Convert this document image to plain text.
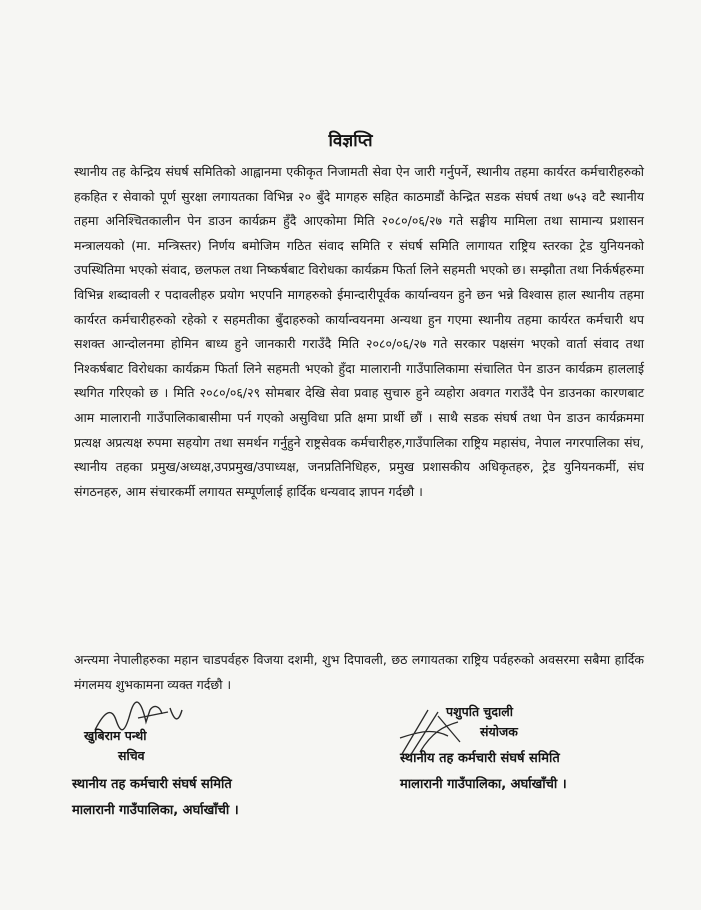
विज्ञप्ति
स्थानीय तह केन्द्रिय संघर्ष समितिको आह्वानमा एकीकृत निजामती सेवा ऐन जारी गर्नुपर्ने, स्थानीय तहमा कार्यरत कर्मचारीहरुको हकहित र सेवाको पूर्ण सुरक्षा लगायतका विभिन्न २० बुँदे मागहरु सहित काठमाडौं केन्द्रित सडक संघर्ष तथा ७५३ वटै स्थानीय तहमा अनिश्चितकालीन पेन डाउन कार्यक्रम हुँदै आएकोमा मिति २०८०/०६/२७ गते सङ्घीय मामिला तथा सामान्य प्रशासन मन्त्रालयको (मा. मन्त्रिस्तर) निर्णय बमोजिम गठित संवाद समिति र संघर्ष समिति लागायत राष्ट्रिय स्तरका ट्रेड युनियनको उपस्थितिमा भएको संवाद, छलफल तथा निष्कर्षबाट विरोधका कार्यक्रम फिर्ता लिने सहमती भएको छ। सम्झौता तथा निर्कर्षहरुमा विभिन्न शब्दावली र पदावलीहरु प्रयोग भएपनि मागहरुको ईमान्दारीपूर्वक कार्यान्वयन हुने छन भन्ने विश्वास हाल स्थानीय तहमा कार्यरत कर्मचारीहरुको रहेको र सहमतीका बुँदाहरुको कार्यान्वयनमा अन्यथा हुन गएमा स्थानीय तहमा कार्यरत कर्मचारी थप सशक्त आन्दोलनमा होमिन बाध्य हुने जानकारी गराउँदै मिति २०८०/०६/२७ गते सरकार पक्षसंग भएको वार्ता संवाद तथा निश्कर्षबाट विरोधका कार्यक्रम फिर्ता लिने सहमती भएको हुँदा मालारानी गाउँपालिकामा संचालित पेन डाउन कार्यक्रम हाललाई स्थगित गरिएको छ । मिति २०८०/०६/२९ सोमबार देखि सेवा प्रवाह सुचारु हुने व्यहोरा अवगत गराउँदै पेन डाउनका कारणबाट आम मालारानी गाउँपालिकाबासीमा पर्न गएको असुविधा प्रति क्षमा प्रार्थी छौं । साथै सडक संघर्ष तथा पेन डाउन कार्यक्रममा प्रत्यक्ष अप्रत्यक्ष रुपमा सहयोग तथा समर्थन गर्नुहुने राष्ट्रसेवक कर्मचारीहरु,गाउँपालिका राष्ट्रिय महासंघ, नेपाल नगरपालिका संघ, स्थानीय तहका प्रमुख/अध्यक्ष,उपप्रमुख/उपाध्यक्ष, जनप्रतिनिधिहरु, प्रमुख प्रशासकीय अधिकृतहरु, ट्रेड युनियनकर्मी, संघ संगठनहरु, आम संचारकर्मी लगायत सम्पूर्णलाई हार्दिक धन्यवाद ज्ञापन गर्दछौ ।
अन्त्यमा नेपालीहरुका महान चाडपर्वहरु विजया दशमी, शुभ दिपावली, छठ लगायतका राष्ट्रिय पर्वहरुको अवसरमा सबैमा हार्दिक मंगलमय शुभकामना व्यक्त गर्दछौ ।
खुबिराम पन्थी
सचिव
स्थानीय तह कर्मचारी संघर्ष समिति
मालारानी गाउँपालिका, अर्घाखाँची ।
पशुपति चुदाली
संयोजक
स्थानीय तह कर्मचारी संघर्ष समिति
मालारानी गाउँपालिका, अर्घाखाँची ।
